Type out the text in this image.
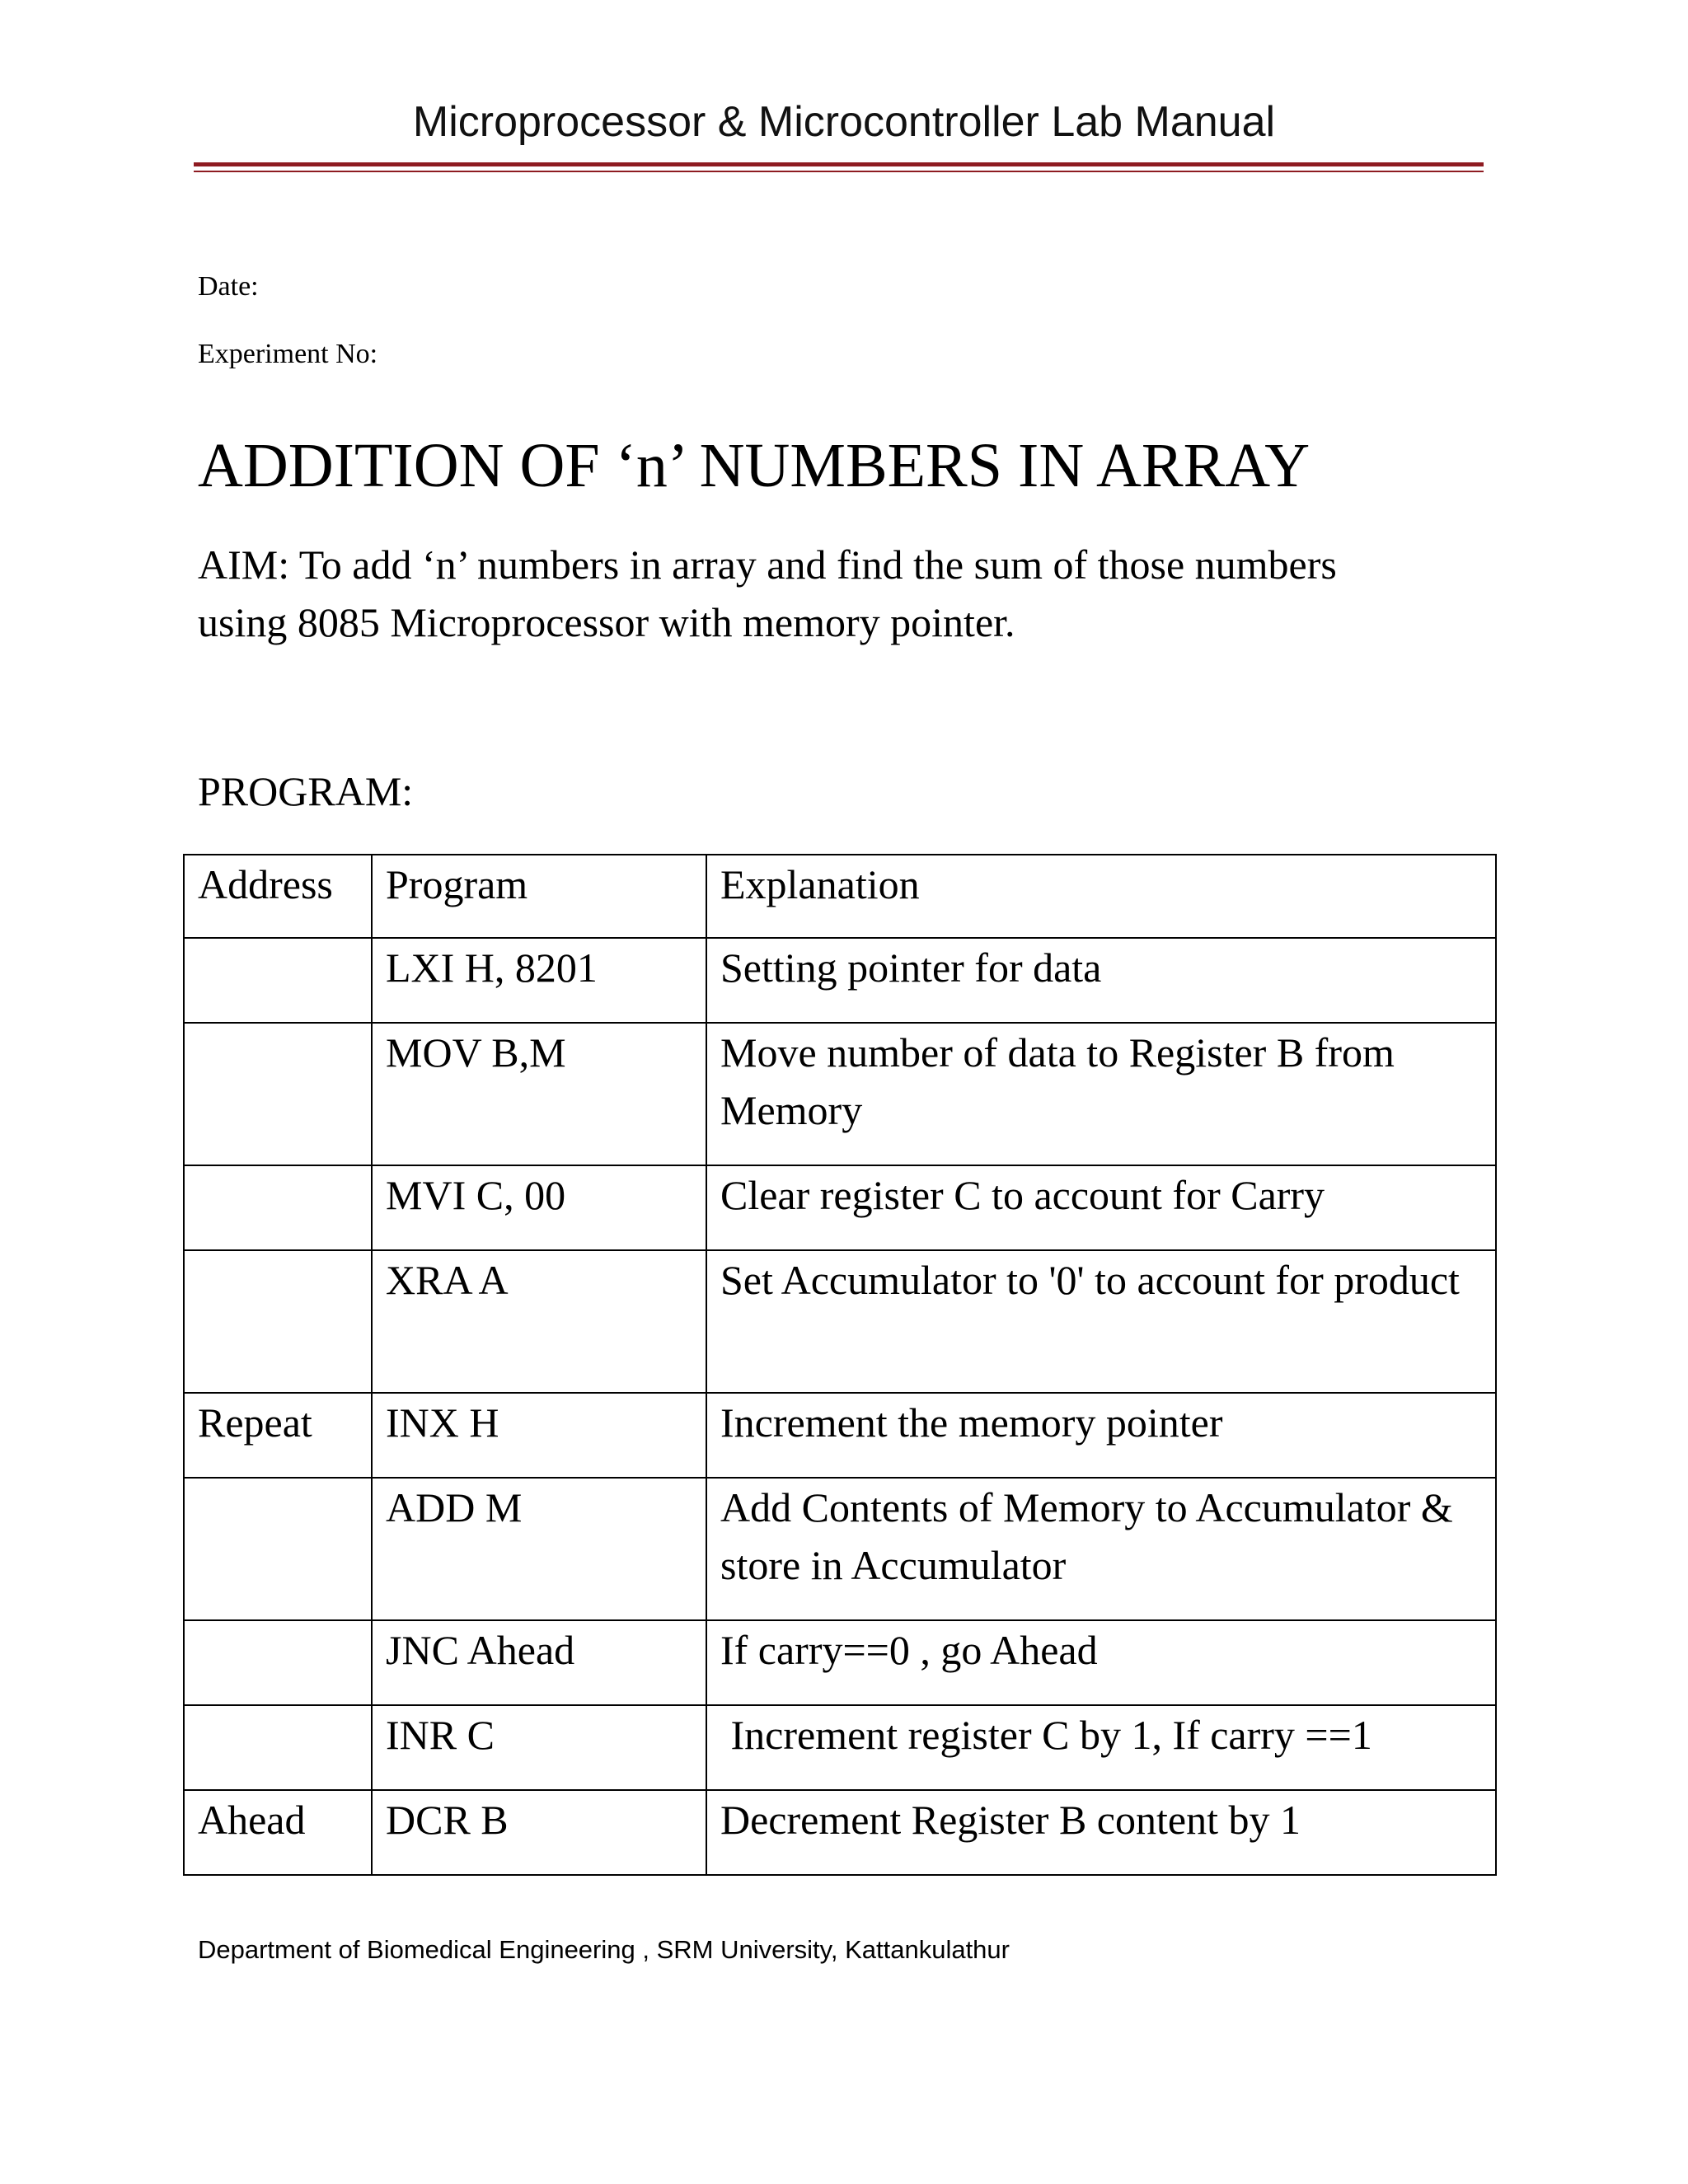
Microprocessor & Microcontroller Lab Manual
Date:
Experiment No:
ADDITION OF ‘n’ NUMBERS IN ARRAY

AIM: To add ‘n’ numbers in array and find the sum of those numbers

using 8085 Microprocessor with memory pointer.

PROGRAM:
Address	Program	Explanation
	LXI H, 8201	Setting pointer for data
	MOV B,M	Move number of data to Register B from Memory
	MVI C, 00	Clear register C to account for Carry
	XRA A	Set Accumulator to '0' to account for product
Repeat	INX H	Increment the memory pointer
	ADD M	Add Contents of Memory to Accumulator & store in Accumulator
	JNC Ahead	If carry==0 , go Ahead
	INR C	Increment register C by 1, If carry ==1
Ahead	DCR B	Decrement Register B content by 1
Department of Biomedical Engineering , SRM University, Kattankulathur
